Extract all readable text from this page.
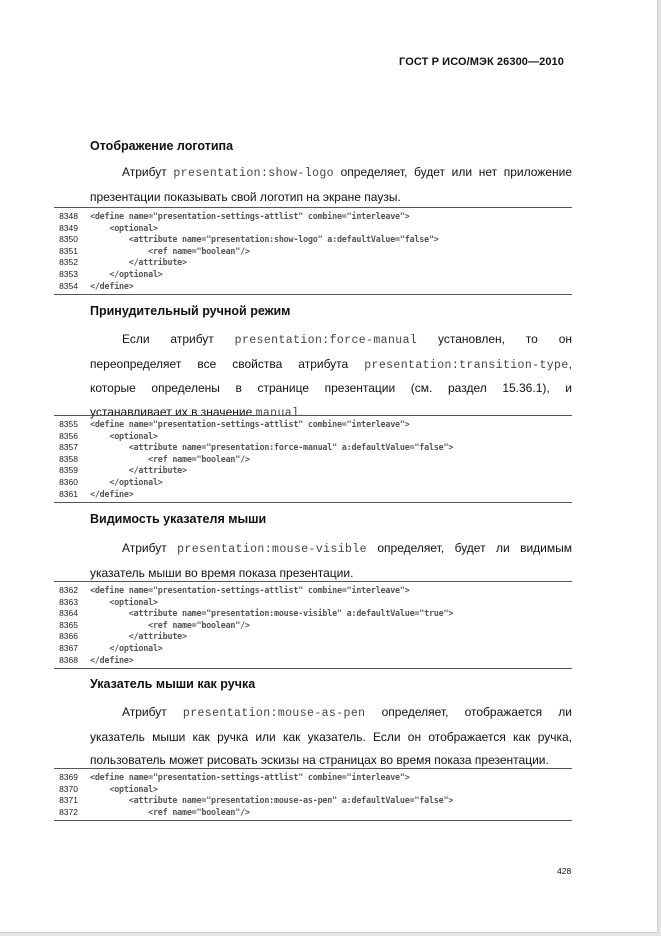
ГОСТ Р ИСО/МЭК 26300—2010
Отображение логотипа

Атрибут presentation:show-logo определяет, будет или нет приложение

презентации показывать свой логотип на экране паузы.

8348 <define name="presentation-settings-attlist" combine="interleave">
8349 <optional>
8350 <attribute name="presentation:show-logo" a:defaultValue="false">
8351 <ref name="boolean"/>
8352 </attribute>
8353 </optional>
8354 </define>
Принудительный ручной режим

Если атрибут presentation:force-manual установлен, то он

переопределяет все свойства атрибута presentation:transition-type,

которые определены в странице презентации (см. раздел 15.36.1), и

устанавливает их в значение manual.

8355 <define name="presentation-settings-attlist" combine="interleave">
8356 <optional>
8357 <attribute name="presentation:force-manual" a:defaultValue="false">
8358 <ref name="boolean"/>
8359 </attribute>
8360 </optional>
8361 </define>
Видимость указателя мыши

Атрибут presentation:mouse-visible определяет, будет ли видимым

указатель мыши во время показа презентации.

8362 <define name="presentation-settings-attlist" combine="interleave">
8363 <optional>
8364 <attribute name="presentation:mouse-visible" a:defaultValue="true">
8365 <ref name="boolean"/>
8366 </attribute>
8367 </optional>
8368 </define>
Указатель мыши как ручка

Атрибут presentation:mouse-as-pen определяет, отображается ли

указатель мыши как ручка или как указатель. Если он отображается как ручка,

пользователь может рисовать эскизы на страницах во время показа презентации.

8369 <define name="presentation-settings-attlist" combine="interleave">
8370 <optional>
8371 <attribute name="presentation:mouse-as-pen" a:defaultValue="false">
8372 <ref name="boolean"/>
428
